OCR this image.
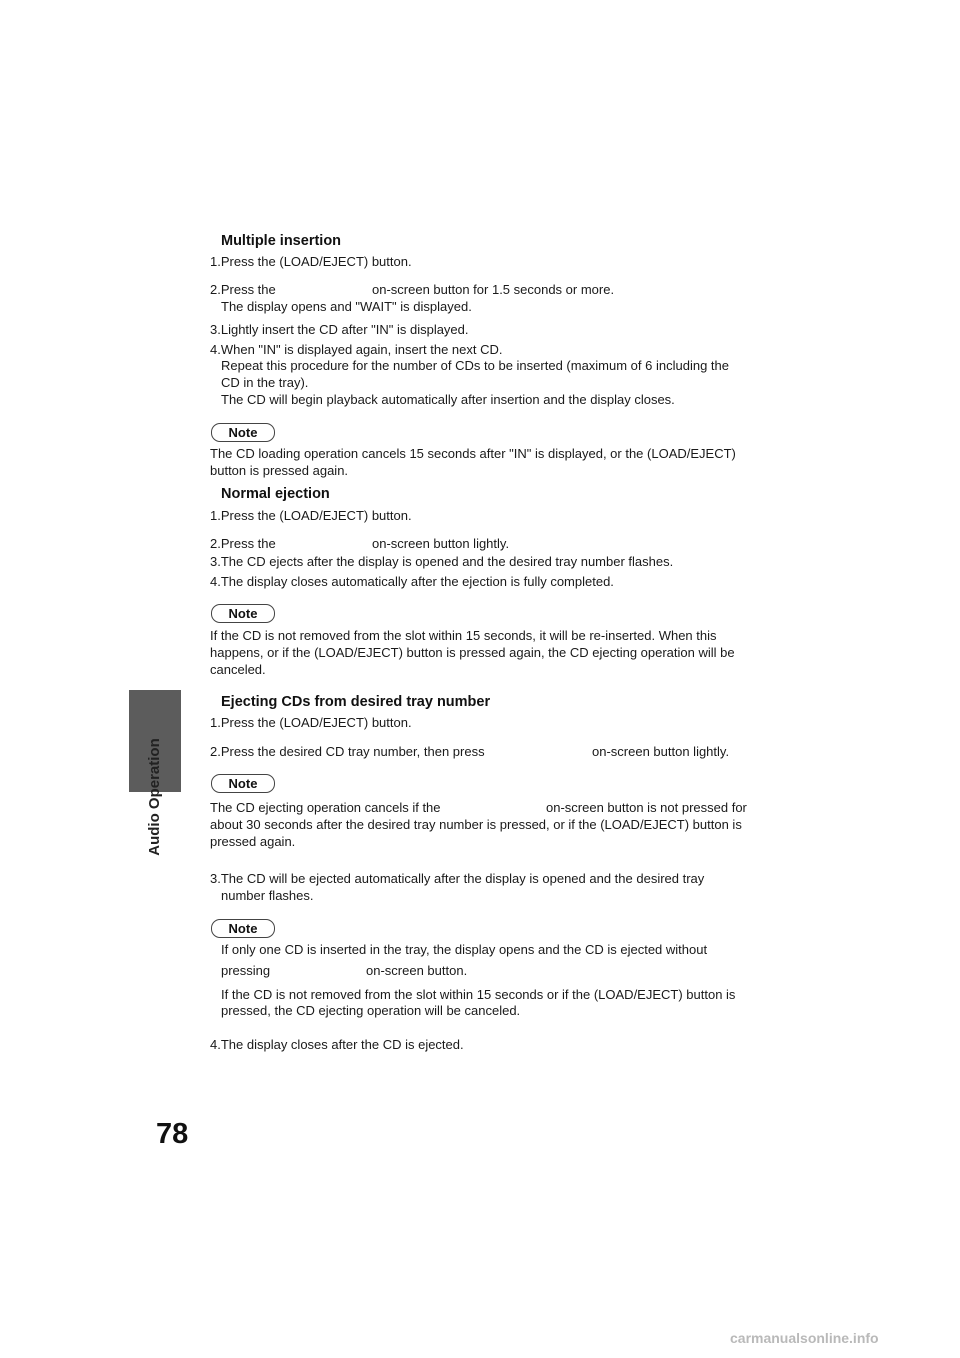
Audio Operation
Multiple insertion
1.Press the (LOAD/EJECT) button.
2.Press the	on-screen button for 1.5 seconds or more.
The display opens and "WAIT" is displayed.
3.Lightly insert the CD after "IN" is displayed.
4.When "IN" is displayed again, insert the next CD.
Repeat this procedure for the number of CDs to be inserted (maximum of 6 including the
CD in the tray).
The CD will begin playback automatically after insertion and the display closes.
Note
The CD loading operation cancels 15 seconds after "IN" is displayed, or the (LOAD/EJECT)
button is pressed again.
Normal ejection
1.Press the (LOAD/EJECT) button.
2.Press the	on-screen button lightly.
3.The CD ejects after the display is opened and the desired tray number flashes.
4.The display closes automatically after the ejection is fully completed.
Note
If the CD is not removed from the slot within 15 seconds, it will be re-inserted. When this
happens, or if the (LOAD/EJECT) button is pressed again, the CD ejecting operation will be
canceled.
Ejecting CDs from desired tray number
1.Press the (LOAD/EJECT) button.
2.Press the desired CD tray number, then press	on-screen button lightly.
Note
The CD ejecting operation cancels if the	on-screen button is not pressed for
about 30 seconds after the desired tray number is pressed, or if the (LOAD/EJECT) button is
pressed again.
3.The CD will be ejected automatically after the display is opened and the desired tray
number flashes.
Note
If only one CD is inserted in the tray, the display opens and the CD is ejected without
pressing	on-screen button.
If the CD is not removed from the slot within 15 seconds or if the (LOAD/EJECT) button is
pressed, the CD ejecting operation will be canceled.
4.The display closes after the CD is ejected.
78
carmanualsonline.info
